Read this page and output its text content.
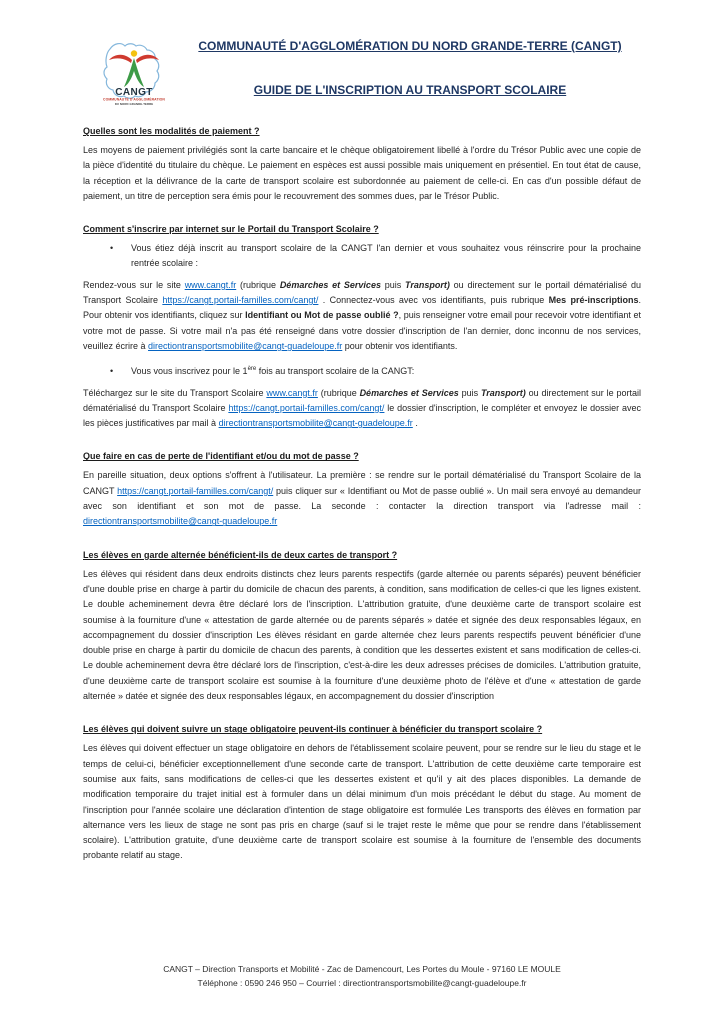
CANGT
COMMUNAUTÉ D'AGGLOMÉRATION
DU NORD GRANDE-TERRE
COMMUNAUTÉ D'AGGLOMÉRATION DU NORD GRANDE-TERRE (CANGT)
GUIDE DE L'INSCRIPTION AU TRANSPORT SCOLAIRE
Quelles sont les modalités de paiement ?

Les moyens de paiement privilégiés sont la carte bancaire et le chèque obligatoirement libellé à l'ordre du Trésor Public avec une copie de la pièce d'identité du titulaire du chèque. Le paiement en espèces est aussi possible mais uniquement en présentiel. En tout état de cause, la réception et la délivrance de la carte de transport scolaire est subordonnée au paiement de celle-ci. En cas d'un possible défaut de paiement, un titre de perception sera émis pour le recouvrement des sommes dues, par le Trésor Public.

Comment s'inscrire par internet sur le Portail du Transport Scolaire ?
•	Vous étiez déjà inscrit au transport scolaire de la CANGT l'an dernier et vous souhaitez vous réinscrire pour la prochaine rentrée scolaire :

Rendez-vous sur le site www.cangt.fr (rubrique Démarches et Services puis Transport) ou directement sur le portail dématérialisé du Transport Scolaire https://cangt.portail-familles.com/cangt/ . Connectez-vous avec vos identifiants, puis rubrique Mes pré-inscriptions. Pour obtenir vos identifiants, cliquez sur Identifiant ou Mot de passe oublié ?, puis renseigner votre email pour recevoir votre identifiant et votre mot de passe. Si votre mail n'a pas été renseigné dans votre dossier d'inscription de l'an dernier, donc inconnu de nos services, veuillez écrire à directiontransportsmobilite@cangt-guadeloupe.fr pour obtenir vos identifiants.

•	Vous vous inscrivez pour le 1ère fois au transport scolaire de la CANGT:

Téléchargez sur le site du Transport Scolaire www.cangt.fr (rubrique Démarches et Services puis Transport) ou directement sur le portail dématérialisé du Transport Scolaire https://cangt.portail-familles.com/cangt/ le dossier d'inscription, le compléter et envoyez le dossier avec les pièces justificatives par mail à directiontransportsmobilite@cangt-guadeloupe.fr .

Que faire en cas de perte de l'identifiant et/ou du mot de passe ?

En pareille situation, deux options s'offrent à l'utilisateur. La première : se rendre sur le portail dématérialisé du Transport Scolaire de la CANGT https://cangt.portail-familles.com/cangt/ puis cliquer sur « Identifiant ou Mot de passe oublié ». Un mail sera envoyé au demandeur avec son identifiant et son mot de passe. La seconde : contacter la direction transport via l'adresse mail : directiontransportsmobilite@cangt-guadeloupe.fr

Les élèves en garde alternée bénéficient-ils de deux cartes de transport ?

Les élèves qui résident dans deux endroits distincts chez leurs parents respectifs (garde alternée ou parents séparés) peuvent bénéficier d'une double prise en charge à partir du domicile de chacun des parents, à condition, sans modification de celles-ci que les lignes existent. Le double acheminement devra être déclaré lors de l'inscription. L'attribution gratuite, d'une deuxième carte de transport scolaire est soumise à la fourniture d'une « attestation de garde alternée ou de parents séparés » datée et signée des deux responsables légaux, en accompagnement du dossier d'inscription Les élèves résidant en garde alternée chez leurs parents respectifs peuvent bénéficier d'une double prise en charge à partir du domicile de chacun des parents, à condition que les dessertes existent et sans modification de celles-ci. Le double acheminement devra être déclaré lors de l'inscription, c'est-à-dire les deux adresses précises de domiciles. L'attribution gratuite, d'une deuxième carte de transport scolaire est soumise à la fourniture d'une deuxième photo de l'élève et d'une « attestation de garde alternée » datée et signée des deux responsables légaux, en accompagnement du dossier d'inscription

Les élèves qui doivent suivre un stage obligatoire peuvent-ils continuer à bénéficier du transport scolaire ?

Les élèves qui doivent effectuer un stage obligatoire en dehors de l'établissement scolaire peuvent, pour se rendre sur le lieu du stage et le temps de celui-ci, bénéficier exceptionnellement d'une seconde carte de transport. L'attribution de cette deuxième carte temporaire est soumise aux faits, sans modifications de celles-ci que les dessertes existent et qu'il y ait des places disponibles. La demande de modification temporaire du trajet initial est à formuler dans un délai minimum d'un mois précédant le début du stage. Au moment de l'inscription pour l'année scolaire une déclaration d'intention de stage obligatoire est formulée Les transports des élèves en formation par alternance vers les lieux de stage ne sont pas pris en charge (sauf si le trajet reste le même que pour se rendre dans l'établissement scolaire). L'attribution gratuite, d'une deuxième carte de transport scolaire est soumise à la fourniture de l'ensemble des documents probante relatif au stage.

CANGT – Direction Transports et Mobilité - Zac de Damencourt, Les Portes du Moule - 97160 LE MOULE
Téléphone : 0590 246 950 – Courriel : directiontransportsmobilite@cangt-guadeloupe.fr
